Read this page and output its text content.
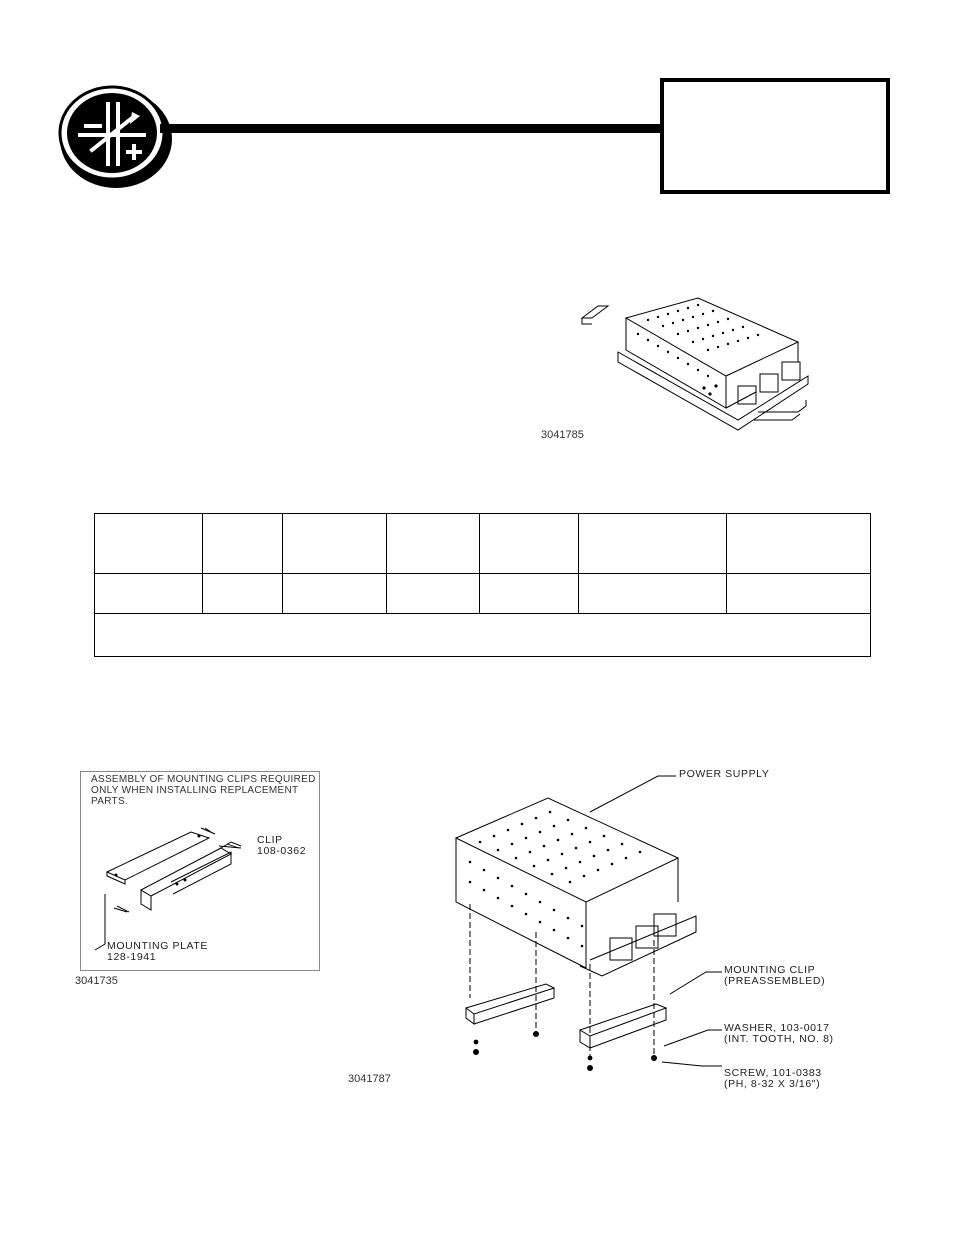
3041785
ASSEMBLY OF MOUNTING CLIPS REQUIRED
ONLY WHEN INSTALLING REPLACEMENT
PARTS.
CLIP
108-0362
MOUNTING PLATE
128-1941
3041735
POWER SUPPLY
MOUNTING CLIP
(PREASSEMBLED)
WASHER, 103-0017
(INT. TOOTH, NO. 8)
SCREW, 101-0383
(PH, 8-32 X 3/16")
3041787
